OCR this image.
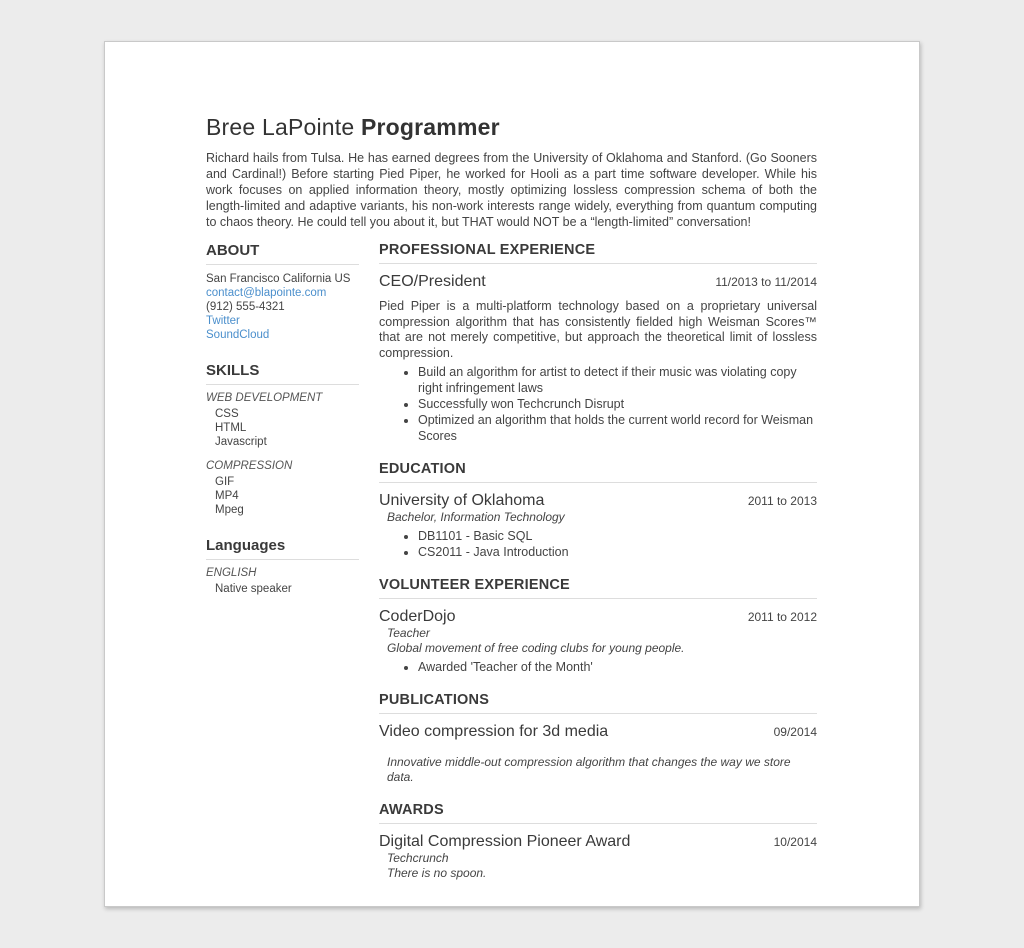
Bree LaPointe Programmer

Richard hails from Tulsa. He has earned degrees from the University of Oklahoma and Stanford. (Go Sooners and Cardinal!) Before starting Pied Piper, he worked for Hooli as a part time software developer. While his work focuses on applied information theory, mostly optimizing lossless compression schema of both the length-limited and adaptive variants, his non-work interests range widely, everything from quantum computing to chaos theory. He could tell you about it, but THAT would NOT be a “length-limited” conversation!

ABOUT
San Francisco California US
contact@blapointe.com
(912) 555-4321
Twitter
SoundCloud
SKILLS
WEB DEVELOPMENT
CSS
HTML
Javascript
COMPRESSION
GIF
MP4
Mpeg
Languages
ENGLISH
Native speaker
PROFESSIONAL EXPERIENCE
CEO/President	11/2013 to 11/2014

Pied Piper is a multi-platform technology based on a proprietary universal compression algorithm that has consistently fielded high Weisman Scores™ that are not merely competitive, but approach the theoretical limit of lossless compression.

• Build an algorithm for artist to detect if their music was violating copy right infringement laws
• Successfully won Techcrunch Disrupt
• Optimized an algorithm that holds the current world record for Weisman Scores
EDUCATION
University of Oklahoma	2011 to 2013
Bachelor, Information Technology
• DB1101 - Basic SQL
• CS2011 - Java Introduction
VOLUNTEER EXPERIENCE
CoderDojo	2011 to 2012
Teacher
Global movement of free coding clubs for young people.
• Awarded 'Teacher of the Month'
PUBLICATIONS
Video compression for 3d media	09/2014
Innovative middle-out compression algorithm that changes the way we store data.
AWARDS
Digital Compression Pioneer Award	10/2014
Techcrunch
There is no spoon.
